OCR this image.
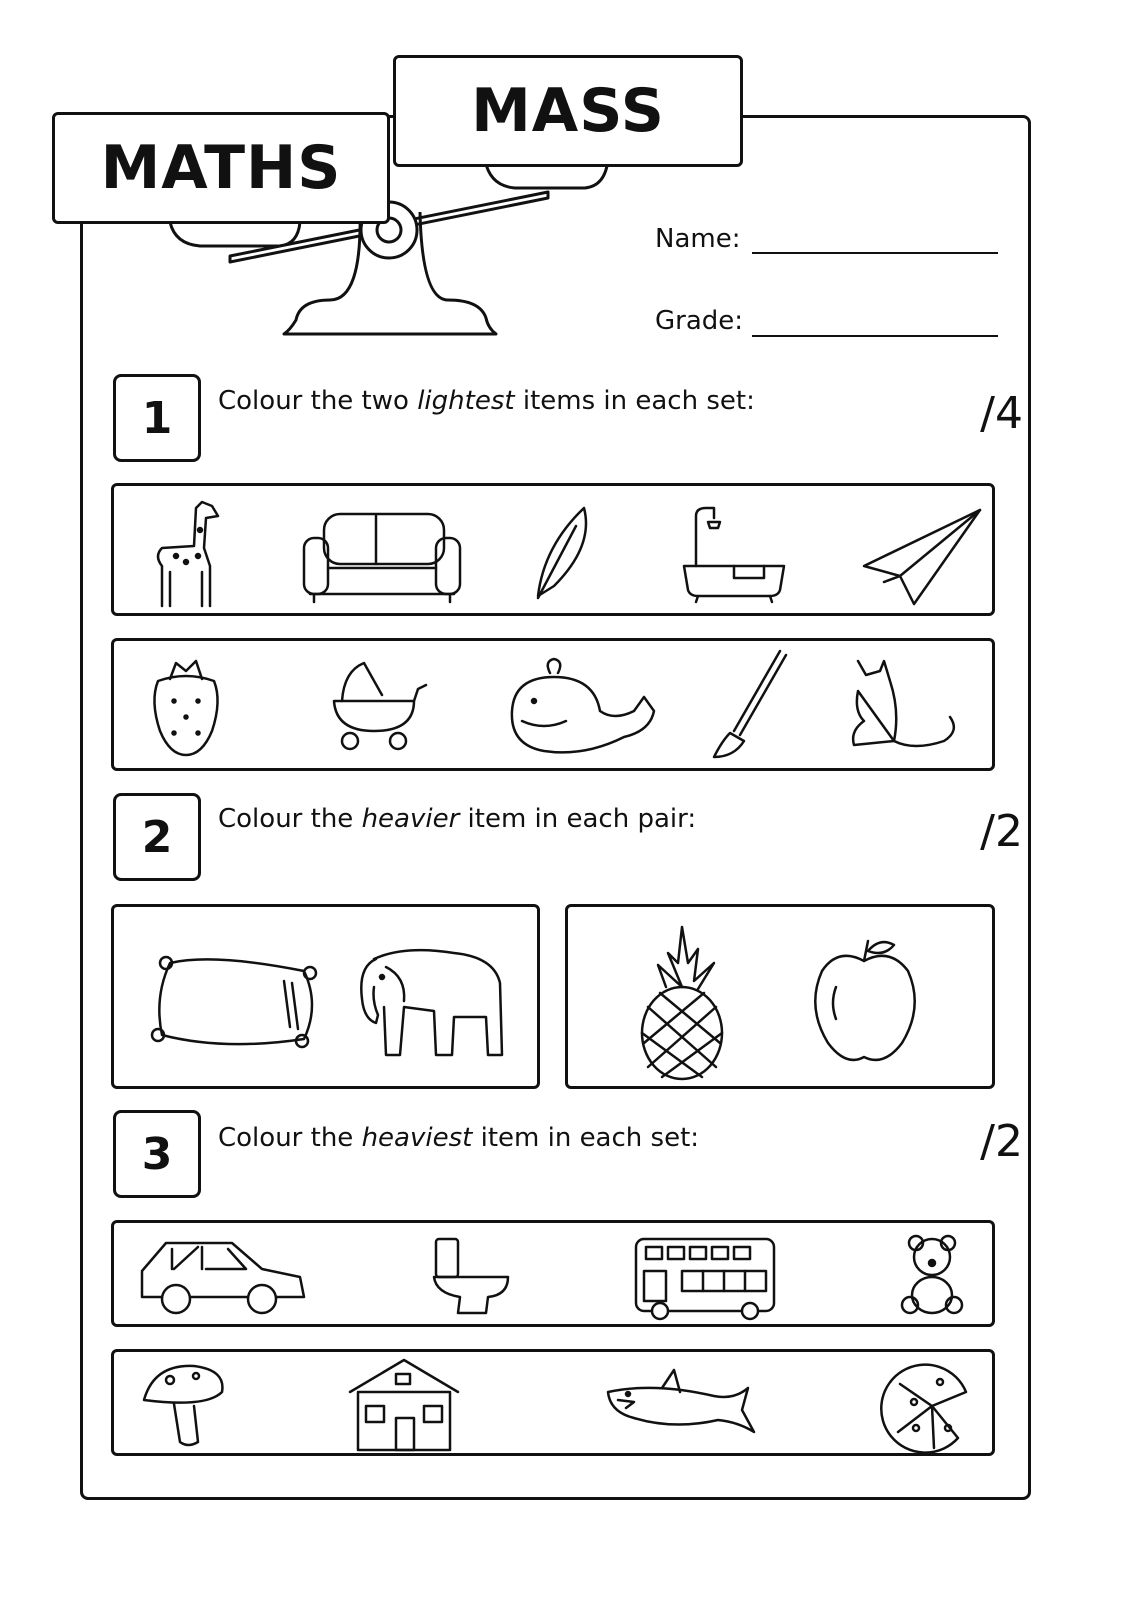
MATHS
MASS
Name:
Grade:
1	Colour the two lightest items in each set:	/4
2	Colour the heavier item in each pair:	/2
3	Colour the heaviest item in each set:	/2
